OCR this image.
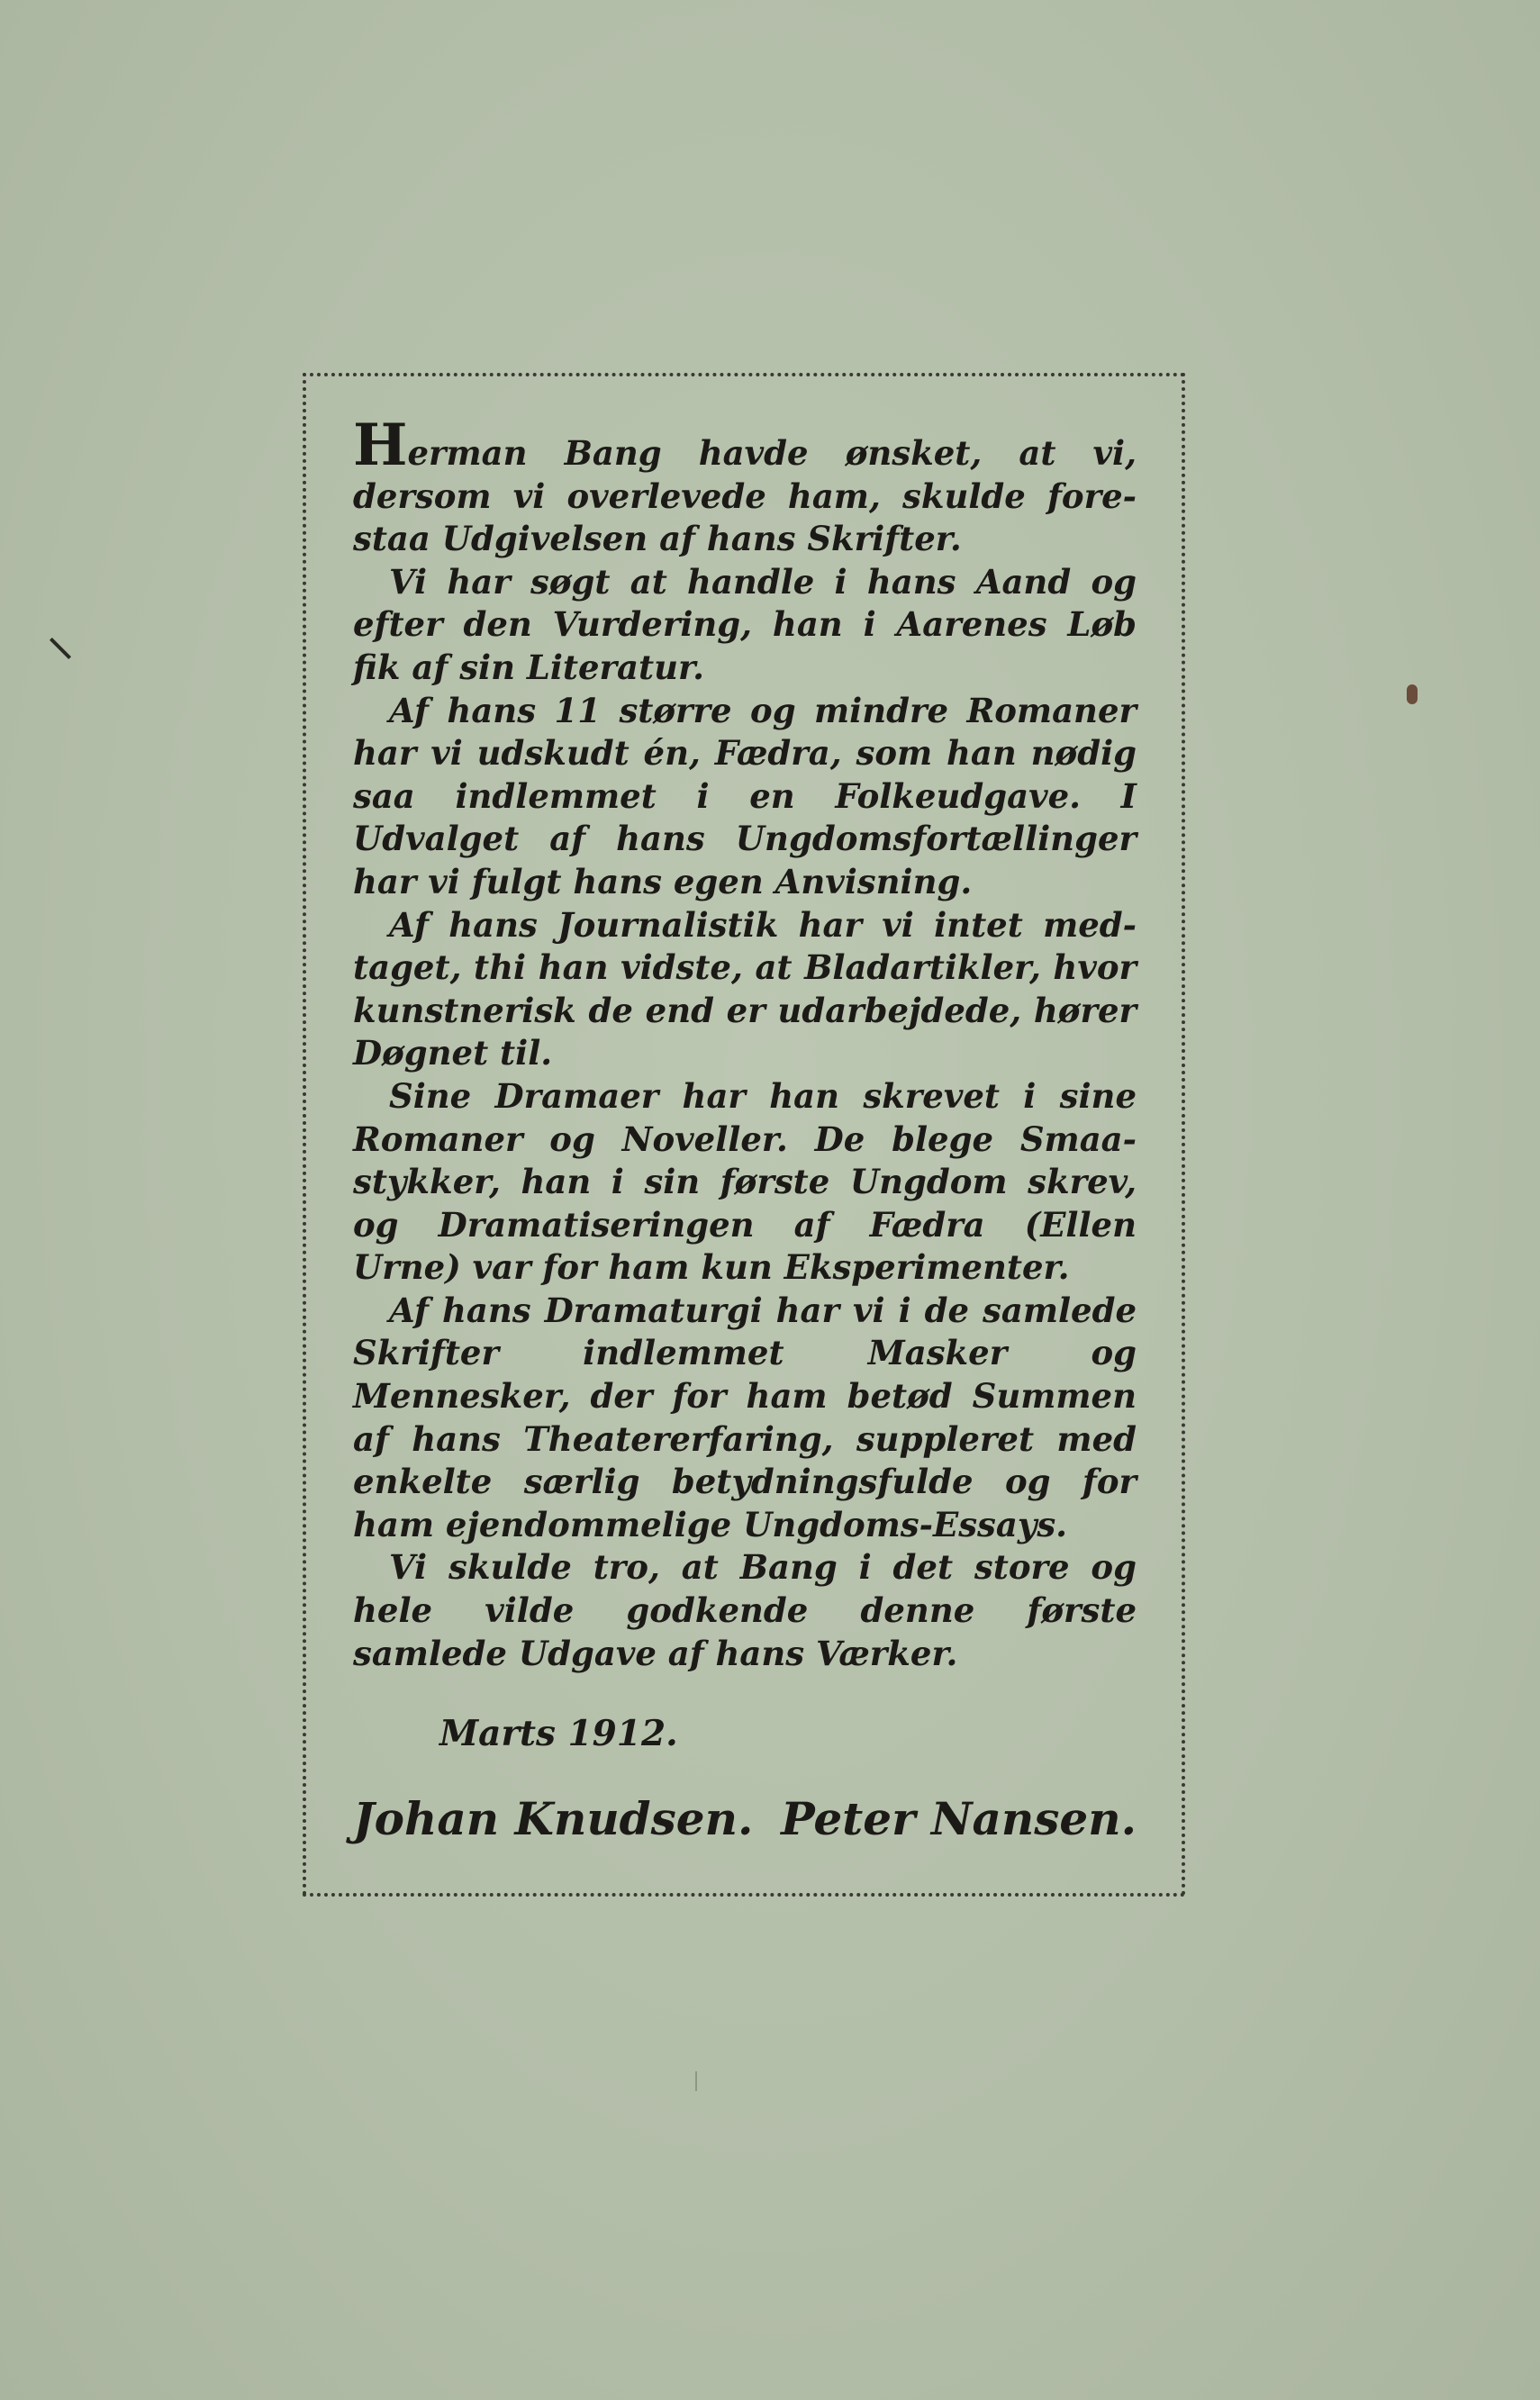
Herman Bang havde ønsket, at vi, dersom vi overlevede ham, skulde forestaa Udgivelsen af hans Skrifter.

Vi har søgt at handle i hans Aand og efter den Vurdering, han i Aarenes Løb fik af sin Literatur.

Af hans 11 større og mindre Romaner har vi udskudt én, Fædra, som han nødig saa indlemmet i en Folkeudgave. I Udvalget af hans Ungdomsfortællinger har vi fulgt hans egen Anvisning.

Af hans Journalistik har vi intet medtaget, thi han vidste, at Bladartikler, hvor kunstnerisk de end er udarbejdede, hører Døgnet til.

Sine Dramaer har han skrevet i sine Romaner og Noveller. De blege Smaastykker, han i sin første Ungdom skrev, og Dramatiseringen af Fædra (Ellen Urne) var for ham kun Eksperimenter.

Af hans Dramaturgi har vi i de samlede Skrifter indlemmet Masker og Mennesker, der for ham betød Summen af hans Theatererfaring, suppleret med enkelte særlig betydningsfulde og for ham ejendommelige Ungdoms-Essays.

Vi skulde tro, at Bang i det store og hele vilde godkende denne første samlede Udgave af hans Værker.

Marts 1912.
Johan Knudsen. Peter Nansen.
